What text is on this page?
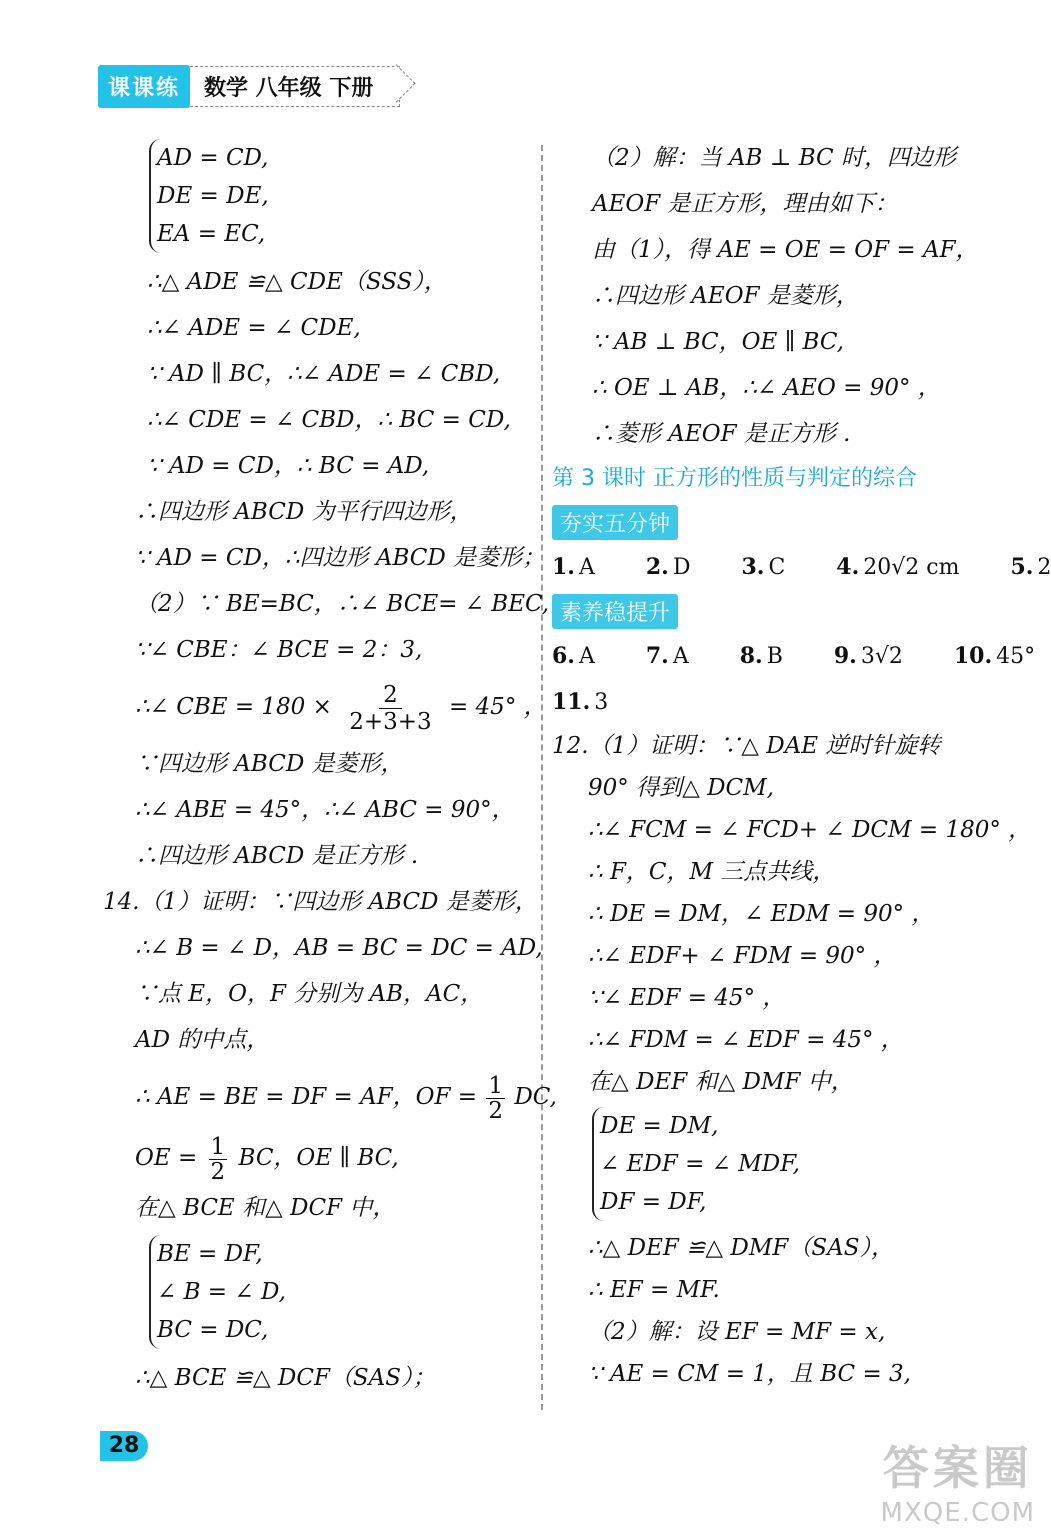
课课练	数学 八年级 下册
AD = CD,
DE = DE,
EA = EC,
∴△ ADE ≌△ CDE（SSS），
∴∠ ADE = ∠ CDE,
∵ AD ∥ BC，∴∠ ADE = ∠ CBD,
∴∠ CDE = ∠ CBD，∴ BC = CD,
∵ AD = CD，∴ BC = AD,
∴四边形 ABCD 为平行四边形，
∵ AD = CD，∴四边形 ABCD 是菱形；
（2）∵ BE=BC，∴∠ BCE= ∠ BEC,
∵∠ CBE：∠ BCE = 2：3,
∴∠ CBE = $180 \times \frac{2}{2+3+3} = 45^\circ$ ，
∵四边形 ABCD 是菱形，
∴∠ ABE = 45°，∴∠ ABC = 90°，
∴四边形 ABCD 是正方形 .
14.（1）证明：∵四边形 ABCD 是菱形，
∴∠ B = ∠ D，AB = BC = DC = AD,
∵点 E，O，F 分别为 AB，AC，
AD 的中点，
∴ AE = BE = DF = AF，OF = $\frac{1}{2}$ DC,
OE = $\frac{1}{2}$ BC，OE ∥ BC,
在△ BCE 和△ DCF 中，
BE = DF,
∠ B = ∠ D,
BC = DC,
∴△ BCE ≌△ DCF（SAS）；
（2）解：当 AB ⊥ BC 时，四边形
AEOF 是正方形，理由如下：
由（1），得 AE = OE = OF = AF，
∴四边形 AEOF 是菱形，
∵ AB ⊥ BC，OE ∥ BC,
∴ OE ⊥ AB，∴∠ AEO = 90° ，
∴菱形 AEOF 是正方形 .
第 3 课时 正方形的性质与判定的综合
夯实五分钟
1. A 2. D 3. C 4. 20√2 cm 5. 2
素养稳提升
6. A 7. A 8. B 9. 3√2 10. 45°
11. 3
12.（1）证明：∵△ DAE 逆时针旋转
90° 得到△ DCM,
∴∠ FCM = ∠ FCD+ ∠ DCM = 180° ，
∴ F，C，M 三点共线，
∴ DE = DM，∠ EDM = 90° ，
∴∠ EDF+ ∠ FDM = 90° ，
∵∠ EDF = 45° ，
∴∠ FDM = ∠ EDF = 45° ，
在△ DEF 和△ DMF 中，
DE = DM,
∠ EDF = ∠ MDF,
DF = DF,
∴△ DEF ≌△ DMF（SAS），
∴ EF = MF.
（2）解：设 EF = MF = x,
∵ AE = CM = 1，且 BC = 3,
28	答案圈
MXQE.COM
